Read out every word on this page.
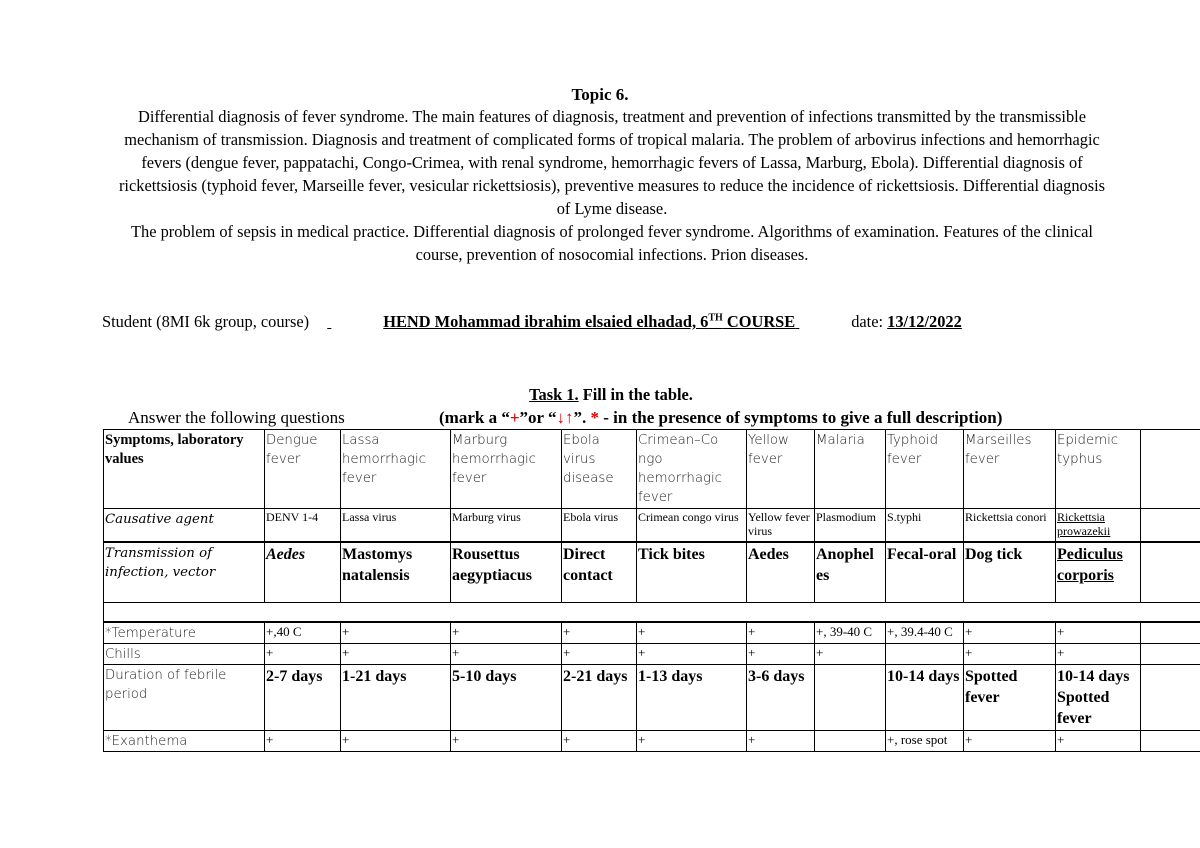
Topic 6.

Differential diagnosis of fever syndrome. The main features of diagnosis, treatment and prevention of infections transmitted by the transmissible mechanism of transmission. Diagnosis and treatment of complicated forms of tropical malaria. The problem of arbovirus infections and hemorrhagic fevers (dengue fever, pappatachi, Congo-Crimea, with renal syndrome, hemorrhagic fevers of Lassa, Marburg, Ebola). Differential diagnosis of rickettsiosis (typhoid fever, Marseille fever, vesicular rickettsiosis), preventive measures to reduce the incidence of rickettsiosis. Differential diagnosis of Lyme disease.

The problem of sepsis in medical practice. Differential diagnosis of prolonged fever syndrome. Algorithms of examination. Features of the clinical course, prevention of nosocomial infections. Prion diseases.

Student (8MI 6k group, course)	HEND Mohammad ibrahim elsaied elhadad, 6TH COURSE	date: 13/12/2022
Task 1. Fill in the table.
Answer the following questions	(mark a “+”or “↓↑”. * - in the presence of symptoms to give a full description)
Symptoms, laboratory values	Dengue fever	Lassa hemorrhagic fever	Marburg hemorrhagic fever	Ebola virus disease	Crimean–Co ngo hemorrhagic fever	Yellow fever	Malaria	Typhoid fever	Marseilles fever	Epidemic typhus	
Causative agent	DENV 1-4	Lassa virus	Marburg virus	Ebola virus	Crimean congo virus	Yellow fever virus	Plasmodium	S.typhi	Rickettsia conori	Rickettsia prowazekii	
Transmission of infection, vector	Aedes	Mastomys natalensis	Rousettus aegyptiacus	Direct contact	Tick bites	Aedes	Anophel es	Fecal-oral	Dog tick	Pediculus corporis	

*Temperature	+,40 C	+	+	+	+	+	+, 39-40 C	+, 39.4-40 C	+	+	
Chills	+	+	+	+	+	+	+		+	+	
Duration of febrile period	2-7 days	1-21 days	5-10 days	2-21 days	1-13 days	3-6 days		10-14 days	Spotted fever	10-14 days Spotted fever	
*Exanthema	+	+	+	+	+	+		+, rose spot	+	+	
